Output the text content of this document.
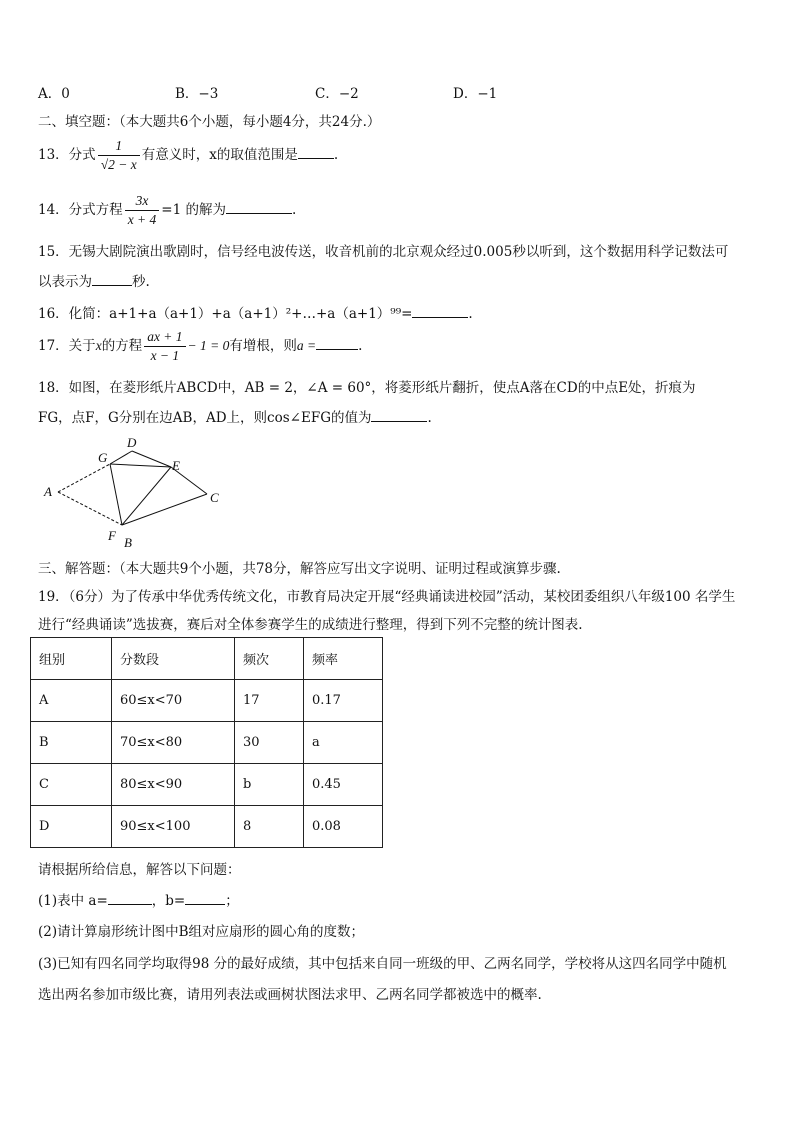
A．0	B．−3	C．−2	D．−1
二、填空题：（本大题共6个小题，每小题4分，共24分.）
13．分式 $\frac{1}{√2 - x}$ 有意义时，x的取值范围是	.
14．分式方程 $\frac{3x}{x + 4} =1$ 的解为	.
15．无锡大剧院演出歌剧时，信号经电波传送，收音机前的北京观众经过0.005秒以听到，这个数据用科学记数法可
以表示为	秒.
16．化简：a+1+a（a+1）+a（a+1）²+…+a（a+1）⁹⁹=	.
17．关于x的方程 $\frac{ax + 1}{x - 1} - 1 = 0$有增根，则a =	.
18．如图，在菱形纸片ABCD中，AB = 2，∠A = 60°，将菱形纸片翻折，使点A落在CD的中点E处，折痕为
FG，点F，G分别在边AB，AD上，则cos∠EFG的值为	.
D
G
E
A	C
F B
三、解答题：（本大题共9个小题，共78分，解答应写出文字说明、证明过程或演算步骤.
19．（6分）为了传承中华优秀传统文化，市教育局决定开展“经典诵读进校园”活动，某校团委组织八年级100 名学生
进行“经典诵读”选拔赛，赛后对全体参赛学生的成绩进行整理，得到下列不完整的统计图表.
组别	分数段	频次	频率
A	60≤x<70	17	0.17
B	70≤x<80	30	a
C	80≤x<90	b	0.45
D	90≤x<100	8	0.08
请根据所给信息，解答以下问题：
(1)表中 a=	，b=	；
(2)请计算扇形统计图中B组对应扇形的圆心角的度数；
(3)已知有四名同学均取得98 分的最好成绩，其中包括来自同一班级的甲、乙两名同学，学校将从这四名同学中随机
选出两名参加市级比赛，请用列表法或画树状图法求甲、乙两名同学都被选中的概率.
